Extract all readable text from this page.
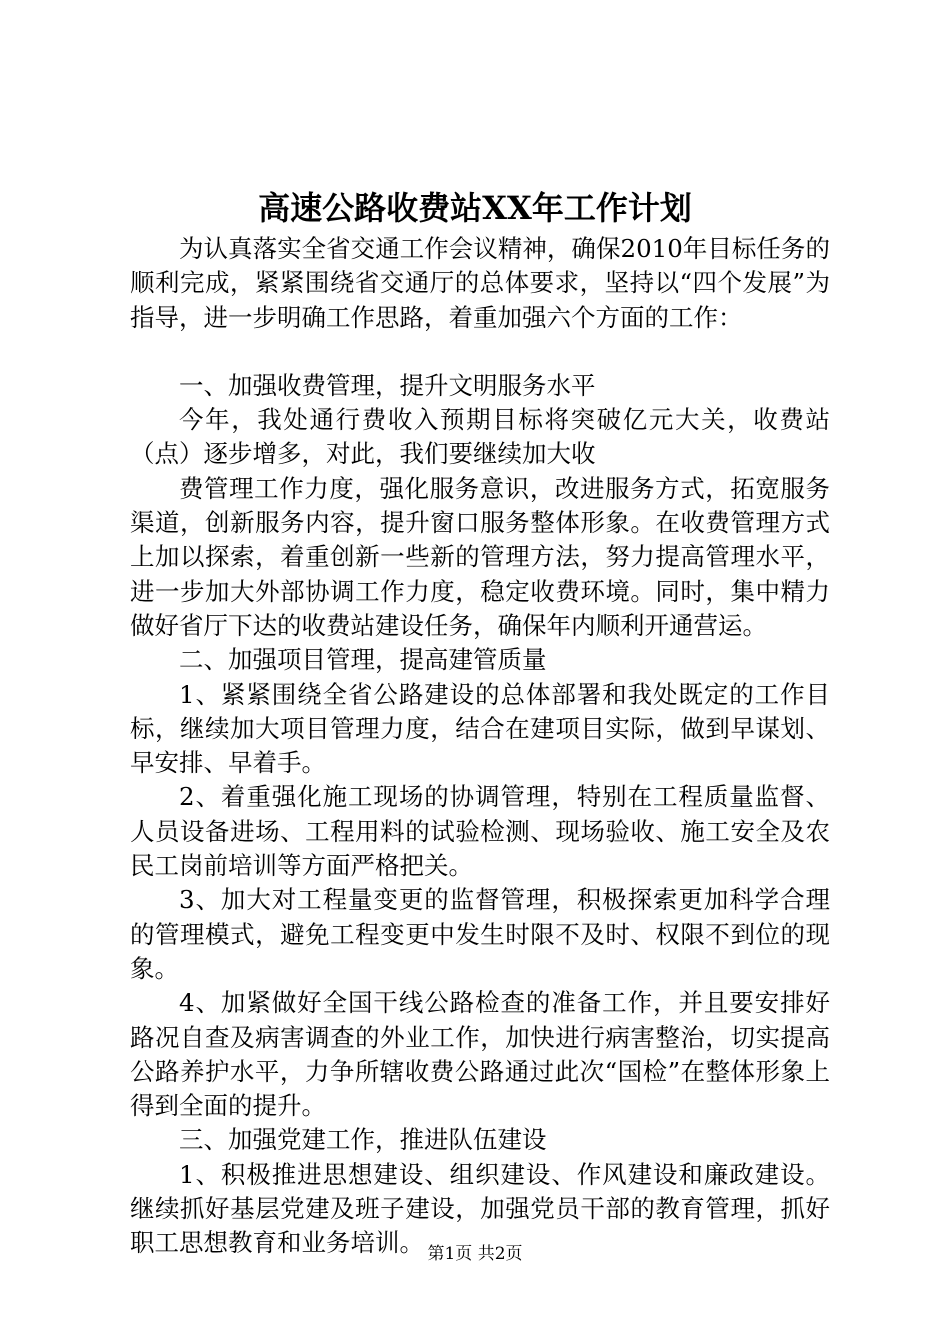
高速公路收费站XX年工作计划

为认真落实全省交通工作会议精神，确保2010年目标任务的顺利完成，紧紧围绕省交通厅的总体要求，坚持以“四个发展”为指导，进一步明确工作思路，着重加强六个方面的工作：

一、加强收费管理，提升文明服务水平

今年，我处通行费收入预期目标将突破亿元大关，收费站（点）逐步增多，对此，我们要继续加大收

费管理工作力度，强化服务意识，改进服务方式，拓宽服务渠道，创新服务内容，提升窗口服务整体形象。在收费管理方式上加以探索，着重创新一些新的管理方法，努力提高管理水平，进一步加大外部协调工作力度，稳定收费环境。同时，集中精力做好省厅下达的收费站建设任务，确保年内顺利开通营运。

二、加强项目管理，提高建管质量

1、紧紧围绕全省公路建设的总体部署和我处既定的工作目标，继续加大项目管理力度，结合在建项目实际，做到早谋划、早安排、早着手。

2、着重强化施工现场的协调管理，特别在工程质量监督、人员设备进场、工程用料的试验检测、现场验收、施工安全及农民工岗前培训等方面严格把关。

3、加大对工程量变更的监督管理，积极探索更加科学合理的管理模式，避免工程变更中发生时限不及时、权限不到位的现象。

4、加紧做好全国干线公路检查的准备工作，并且要安排好路况自查及病害调查的外业工作，加快进行病害整治，切实提高公路养护水平，力争所辖收费公路通过此次“国检”在整体形象上得到全面的提升。

三、加强党建工作，推进队伍建设

1、积极推进思想建设、组织建设、作风建设和廉政建设。继续抓好基层党建及班子建设，加强党员干部的教育管理，抓好职工思想教育和业务培训。 第1页 共2页
